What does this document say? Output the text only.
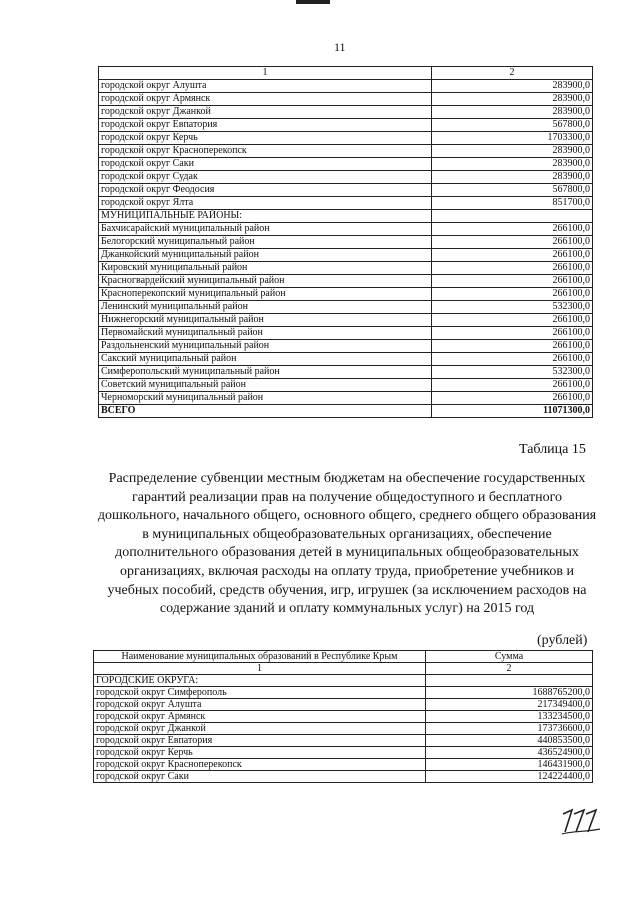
11
1	2
городской округ Алушта	283900,0
городской округ Армянск	283900,0
городской округ Джанкой	283900,0
городской округ Евпатория	567800,0
городской округ Керчь	1703300,0
городской округ Красноперекопск	283900,0
городской округ Саки	283900,0
городской округ Судак	283900,0
городской округ Феодосия	567800,0
городской округ Ялта	851700,0
МУНИЦИПАЛЬНЫЕ РАЙОНЫ:	
Бахчисарайский муниципальный район	266100,0
Белогорский муниципальный район	266100,0
Джанкойский муниципальный район	266100,0
Кировский муниципальный район	266100,0
Красногвардейский муниципальный район	266100,0
Красноперекопский муниципальный район	266100,0
Ленинский муниципальный район	532300,0
Нижнегорский муниципальный район	266100,0
Первомайский муниципальный район	266100,0
Раздольненский муниципальный район	266100,0
Сакский муниципальный район	266100,0
Симферопольский муниципальный район	532300,0
Советский муниципальный район	266100,0
Черноморский муниципальный район	266100,0
ВСЕГО	11071300,0
Таблица 15
Распределение субвенции местным бюджетам на обеспечение государственных гарантий реализации прав на получение общедоступного и бесплатного дошкольного, начального общего, основного общего, среднего общего образования в муниципальных общеобразовательных организациях, обеспечение дополнительного образования детей в муниципальных общеобразовательных организациях, включая расходы на оплату труда, приобретение учебников и учебных пособий, средств обучения, игр, игрушек (за исключением расходов на содержание зданий и оплату коммунальных услуг) на 2015 год
(рублей)
Наименование муниципальных образований в Республике Крым	Сумма
1	2
ГОРОДСКИЕ ОКРУГА:	
городской округ Симферополь	1688765200,0
городской округ Алушта	217349400,0
городской округ Армянск	133234500,0
городской округ Джанкой	173736600,0
городской округ Евпатория	440853500,0
городской округ Керчь	436524900,0
городской округ Красноперекопск	146431900,0
городской округ Саки	124224400,0
